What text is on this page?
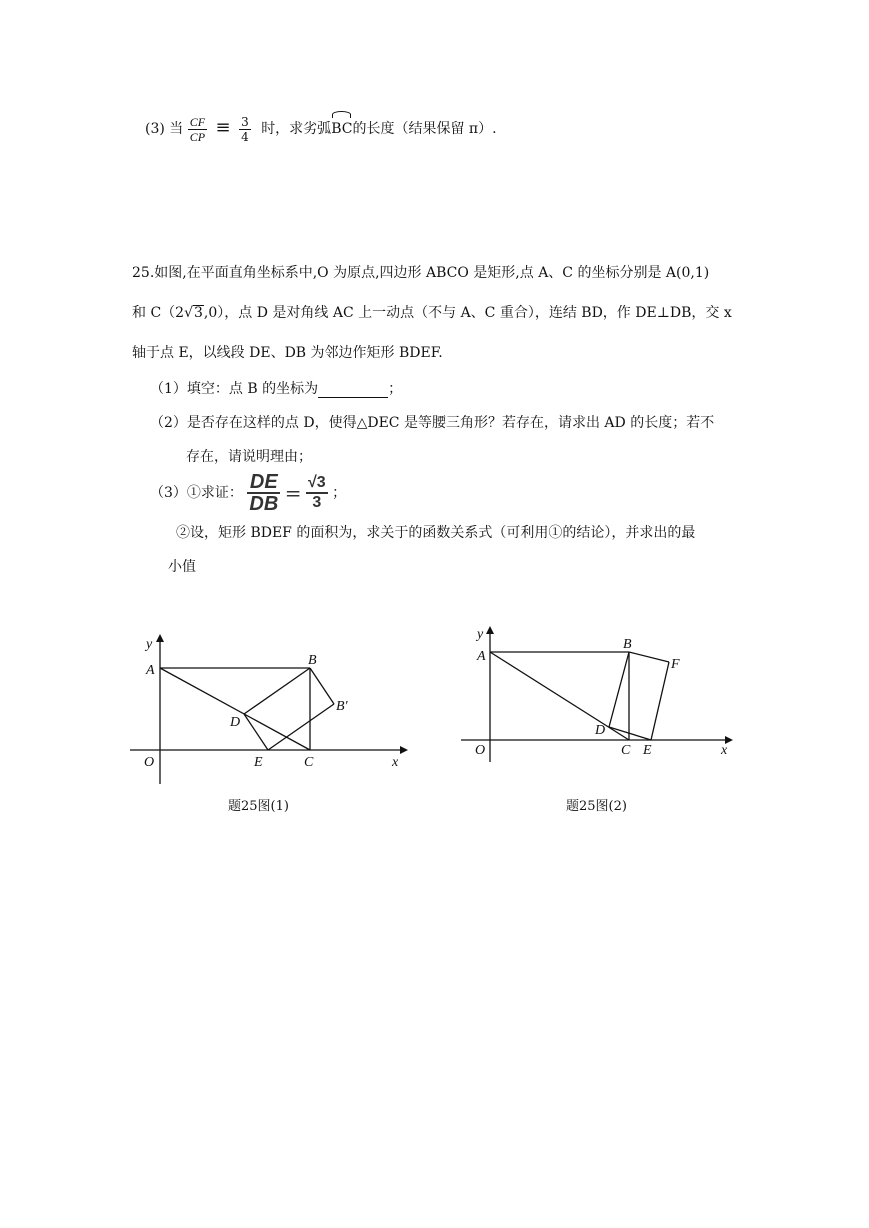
(3) 当 $\frac{CF}{CP} \equiv \frac{3}{4}$ 时，求劣弧BC的长度（结果保留 π）.
25.如图,在平面直角坐标系中,O 为原点,四边形 ABCO 是矩形,点 A、C 的坐标分别是 A(0,1)
和 C（2√3,0），点 D 是对角线 AC 上一动点（不与 A、C 重合），连结 BD，作 DE⊥DB，交 x
轴于点 E，以线段 DE、DB 为邻边作矩形 BDEF.
（1）填空：点 B 的坐标为	；
（2）是否存在这样的点 D，使得△DEC 是等腰三角形？若存在，请求出 AD 的长度；若不
存在，请说明理由；
（3）①求证： $\frac{DE}{DB} = \frac{√3}{3}$ ；
②设，矩形 BDEF 的面积为，求关于的函数关系式（可利用①的结论），并求出的最
小值
y
A
B
B′
D
O	E	C	x
题25图(1)
y
A
B
F
D
O	C E	x
题25图(2)
